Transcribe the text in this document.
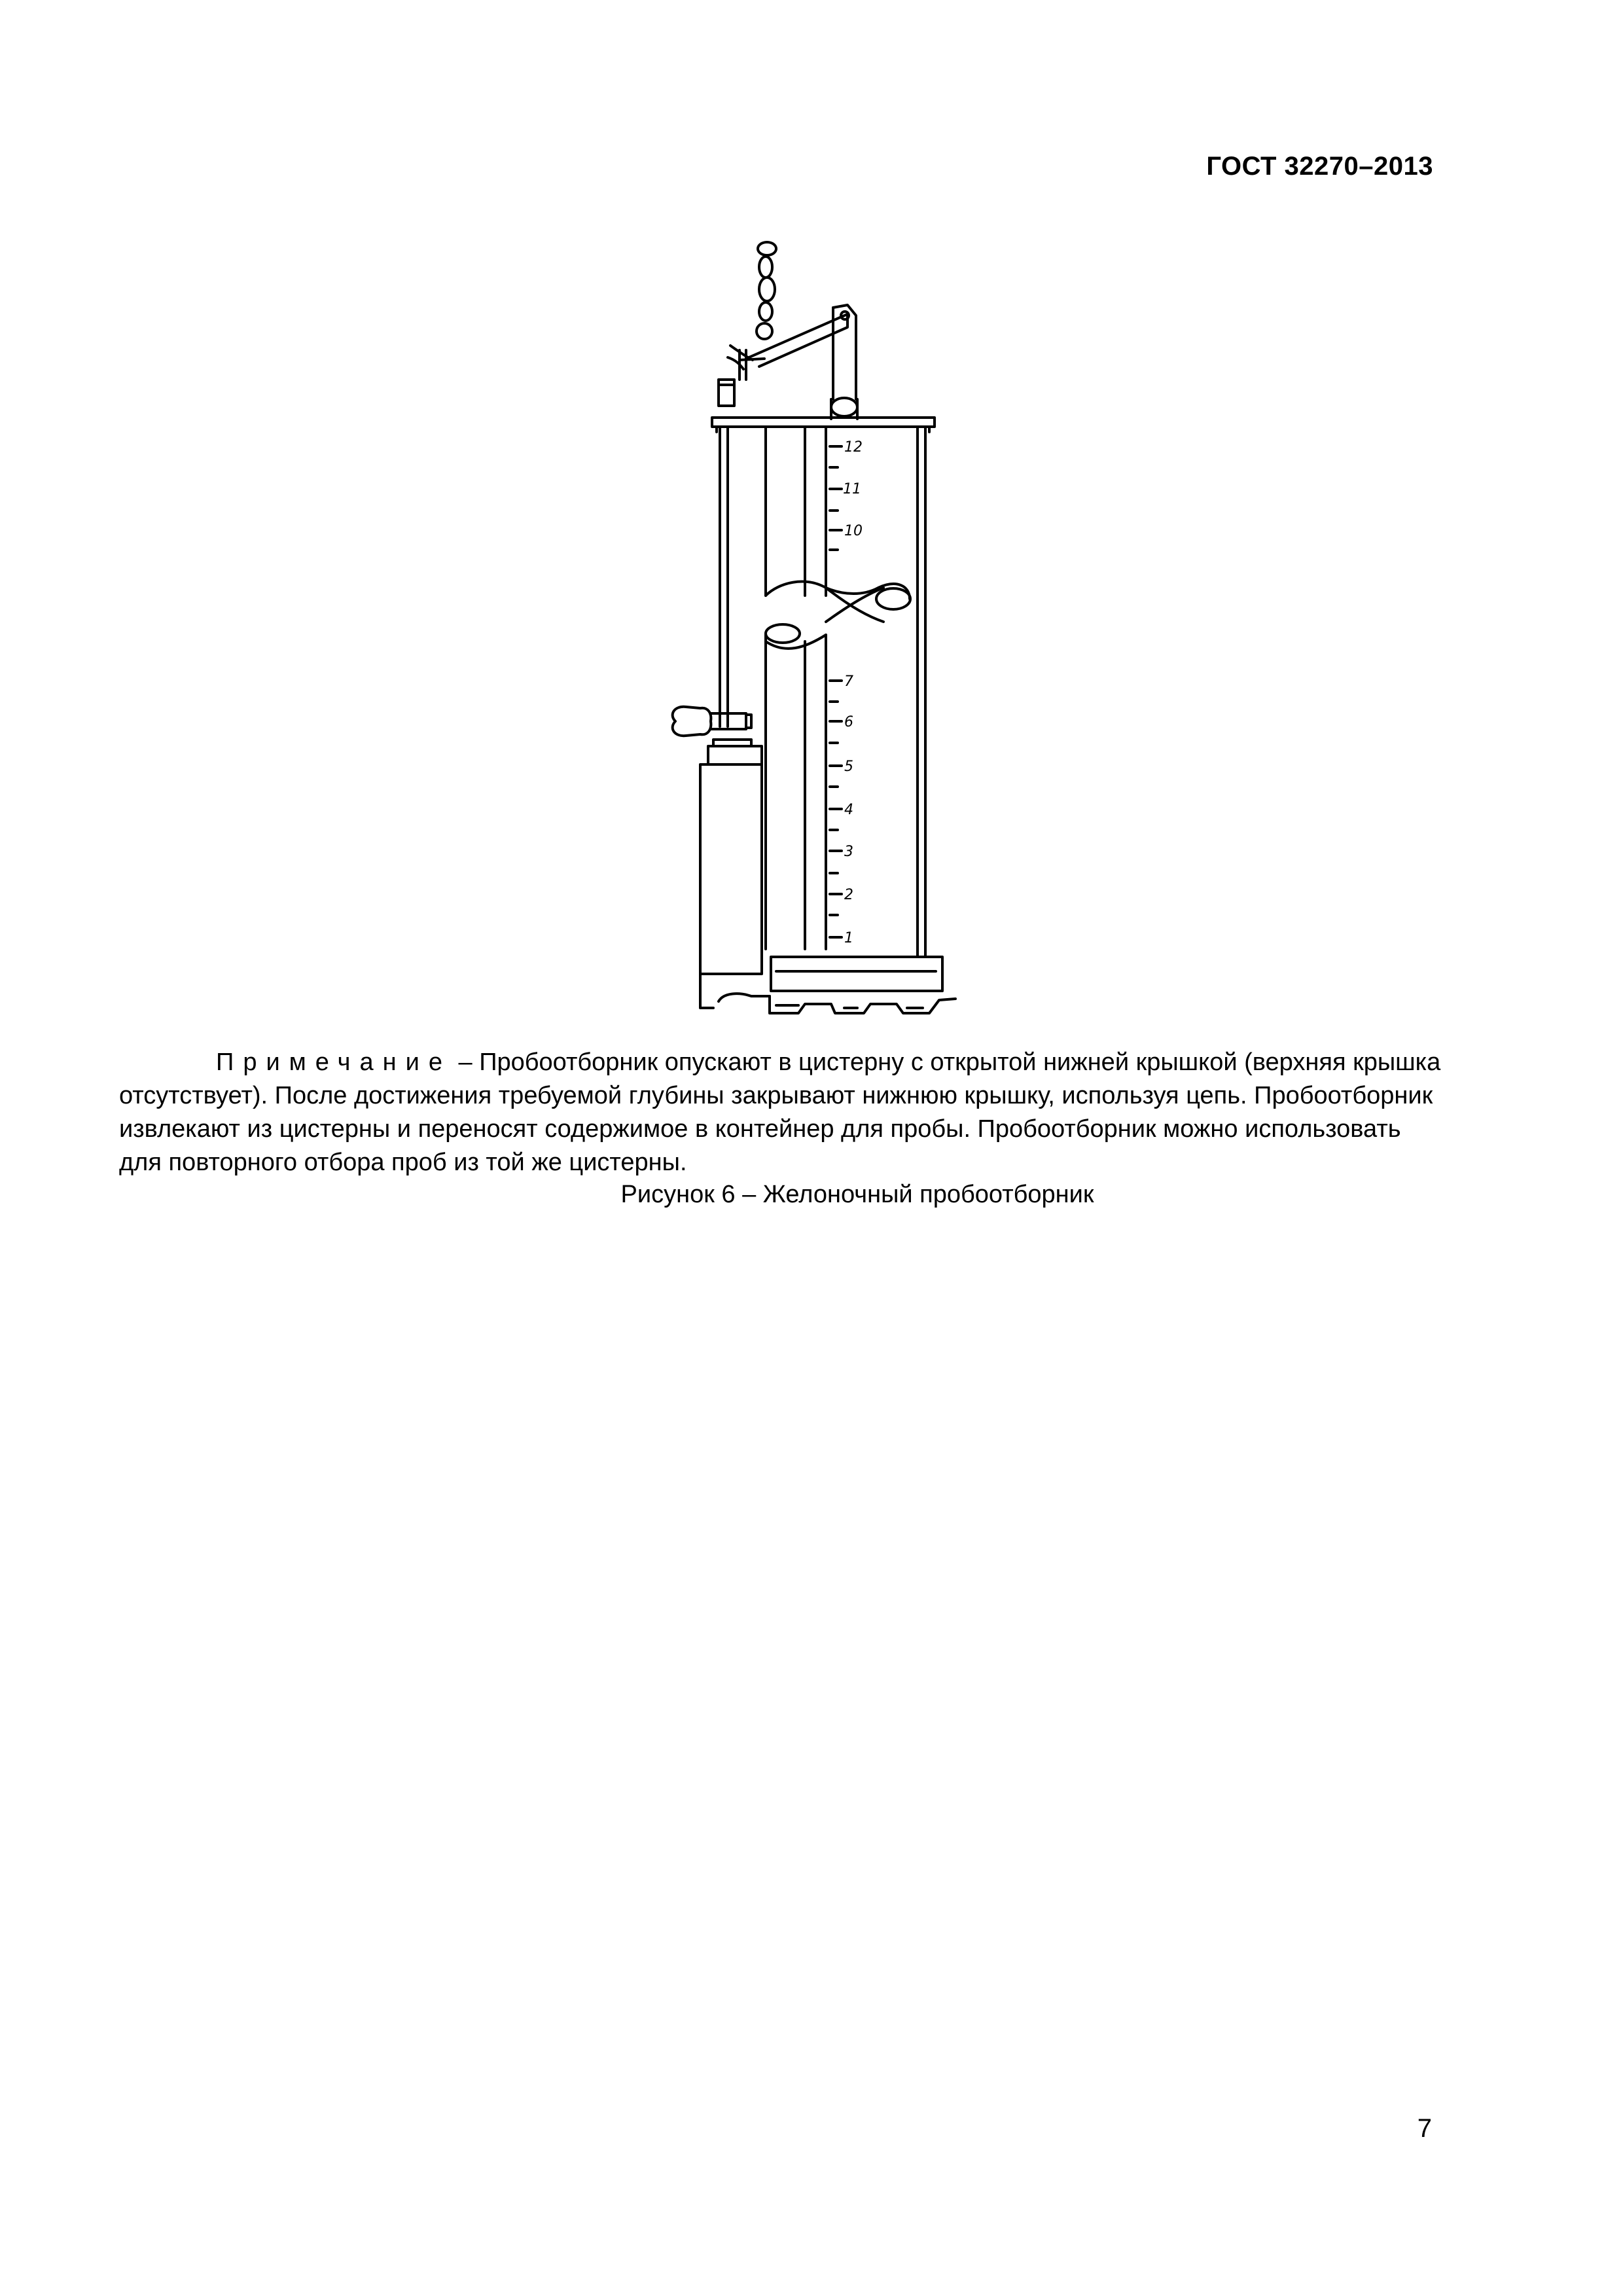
ГОСТ 32270–2013
12
11
10
7
6
5
4
3
2
1

Примечание – Пробоотборник опускают в цистерну с открытой нижней крышкой (верхняя крышка отсутствует). После достижения требуемой глубины закрывают нижнюю крышку, используя цепь. Пробоотборник извлекают из цистерны и переносят содержимое в контейнер для пробы. Пробоотборник можно использовать для повторного отбора проб из той же цистерны.

Рисунок 6 – Желоночный пробоотборник
7
